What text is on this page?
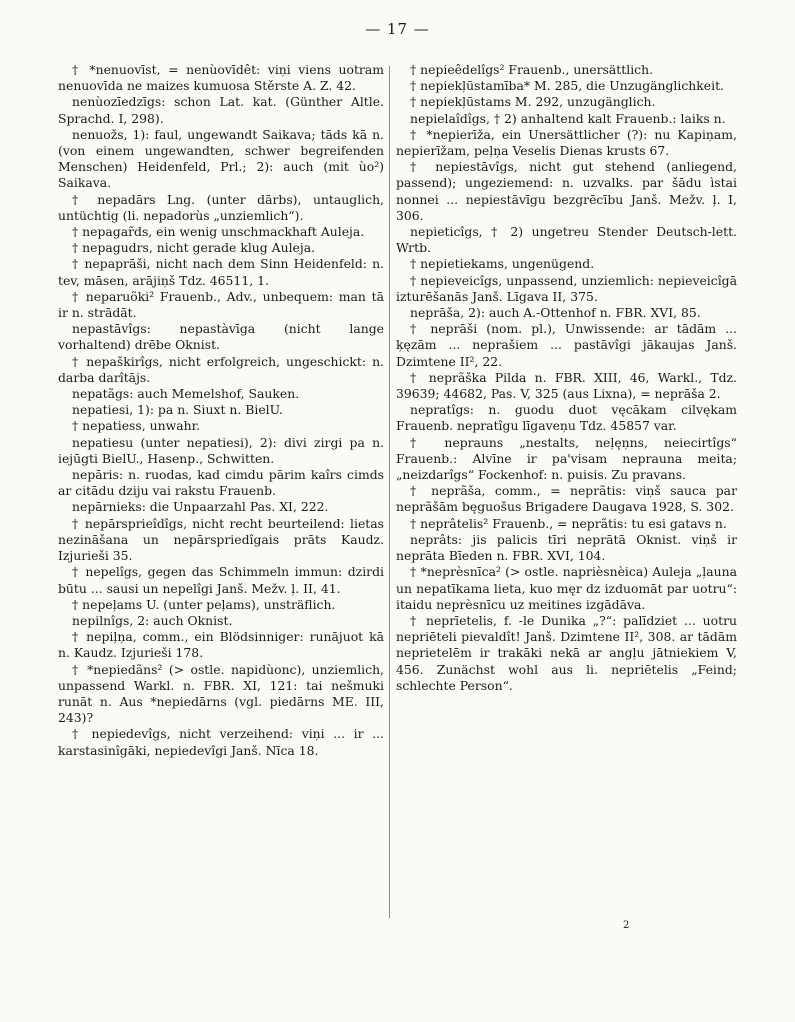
— 17 —

† *nenuovīst, = nenùovīdêt: viņi viens uotram nenuovīda ne maizes kumuosa Stěrste A. Z. 42.

nenùozīedzīgs: schon Lat. kat. (Günther Altle. Sprachd. I, 298).

nenuožs, 1): faul, ungewandt Saikava; tāds kā n. (von einem ungewandten, schwer begreifenden Menschen) Heidenfeld, Prl.; 2): auch (mit ùo²) Saikava.

† nepadārs Lng. (unter dārbs), untauglich, untüchtig (li. nepadorùs „unziemlich“).

† nepagar̃ds, ein wenig unschmackhaft Auleja.

† nepagudrs, nicht gerade klug Auleja.

† nepaprāši, nicht nach dem Sinn Heidenfeld: n. tev, māsen, arājiņš Tdz. 46511, 1.

† neparuõki² Frauenb., Adv., unbequem: man tā ir n. strādāt.

nepastāvîgs: nepastàvīga (nicht lange vorhaltend) drēbe Oknist.

† nepaškirîgs, nicht erfolgreich, ungeschickt: n. darba darîtājs.

nepatãgs: auch Memelshof, Sauken.

nepatiesi, 1): pa n. Siuxt n. BielU.

† nepatiess, unwahr.

nepatiesu (unter nepatiesi), 2): divi zirgi pa n. iejūgti BielU., Hasenp., Schwitten.

nepāris: n. ruodas, kad cimdu pārim kaîrs cimds ar citādu dziju vai rakstu Frauenb.

nepārnieks: die Unpaarzahl Pas. XI, 222.

† nepārsprieîdîgs, nicht recht beurteilend: lietas nezināšana un nepārspriedîgais prāts Kaudz. Izjurieši 35.

† nepelîgs, gegen das Schimmeln immun: dzirdi būtu ... sausi un nepelîgi Janš. Mežv. ļ. II, 41.

† nepeļams U. (unter peļams), unsträflich.

nepilnîgs, 2: auch Oknist.

† nepiļņa, comm., ein Blödsinniger: runājuot kā n. Kaudz. Izjurieši 178.

† *nepiedãns² (> ostle. napidùonc), unziemlich, unpassend Warkl. n. FBR. XI, 121: tai nešmuki runāt n. Aus *nepiedārns (vgl. piedārns ME. III, 243)?

† nepiedevîgs, nicht verzeihend: viņi ... ir ... karstasinîgāki, nepiedevîgi Janš. Nīca 18.

† nepieêdelîgs² Frauenb., unersättlich.

† nepiekļūstamība* M. 285, die Unzugänglichkeit.

† nepiekļūstams M. 292, unzugänglich.

nepielaîdîgs, † 2) anhaltend kalt Frauenb.: laiks n.

† *nepierīža, ein Unersättlicher (?): nu Kapiņam, nepierīžam, peļņa Veselis Dienas krusts 67.

† nepiestāvîgs, nicht gut stehend (anliegend, passend); ungeziemend: n. uzvalks. par šādu ìstai nonnei ... nepiestāvīgu bezgrēcību Janš. Mežv. ļ. I, 306.

nepieticîgs, † 2) ungetreu Stender Deutsch-lett. Wrtb.

† nepietiekams, ungenügend.

† nepieveicîgs, unpassend, unziemlich: nepieveicîgā izturēšanās Janš. Līgava II, 375.

neprāša, 2): auch A.-Ottenhof n. FBR. XVI, 85.

† neprāši (nom. pl.), Unwissende: ar tādām ... ķęzām ... neprašiem ... pastāvîgi jākaujas Janš. Dzimtene II², 22.

† neprãška Pilda n. FBR. XIII, 46, Warkl., Tdz. 39639; 44682, Pas. V, 325 (aus Lixna), = neprāša 2.

nepratîgs: n. guodu duot vęcākam cilvękam Frauenb. nepratîgu līgaveņu Tdz. 45857 var.

† neprauns „nestalts, neļęņns, neiecirtîgs“ Frauenb.: Alvīne ir pa'visam neprauna meita; „neizdarîgs“ Fockenhof: n. puisis. Zu pravans.

† neprãša, comm., = neprãtis: viņš sauca par neprãšām bęguošus Brigadere Daugava 1928, S. 302.

† neprâtelis² Frauenb., = neprãtis: tu esi gatavs n.

neprâts: jis palicis tīri neprātā Oknist. viņš ir neprāta Bīeden n. FBR. XVI, 104.

† *neprèsnīca² (> ostle. naprièsnèica) Auleja „ļauna un nepatīkama lieta, kuo męr dz izduomāt par uotru“: itaidu neprèsnīcu uz meitines izgādāva.

† neprīetelis, f. -le Dunika „?“: palīdziet ... uotru nepriēteli pievaldît! Janš. Dzimtene II², 308. ar tādām neprietelēm ir trakāki nekā ar angļu jātniekiem V, 456. Zunächst wohl aus li. nepriētelis „Feind; schlechte Person“.

2
